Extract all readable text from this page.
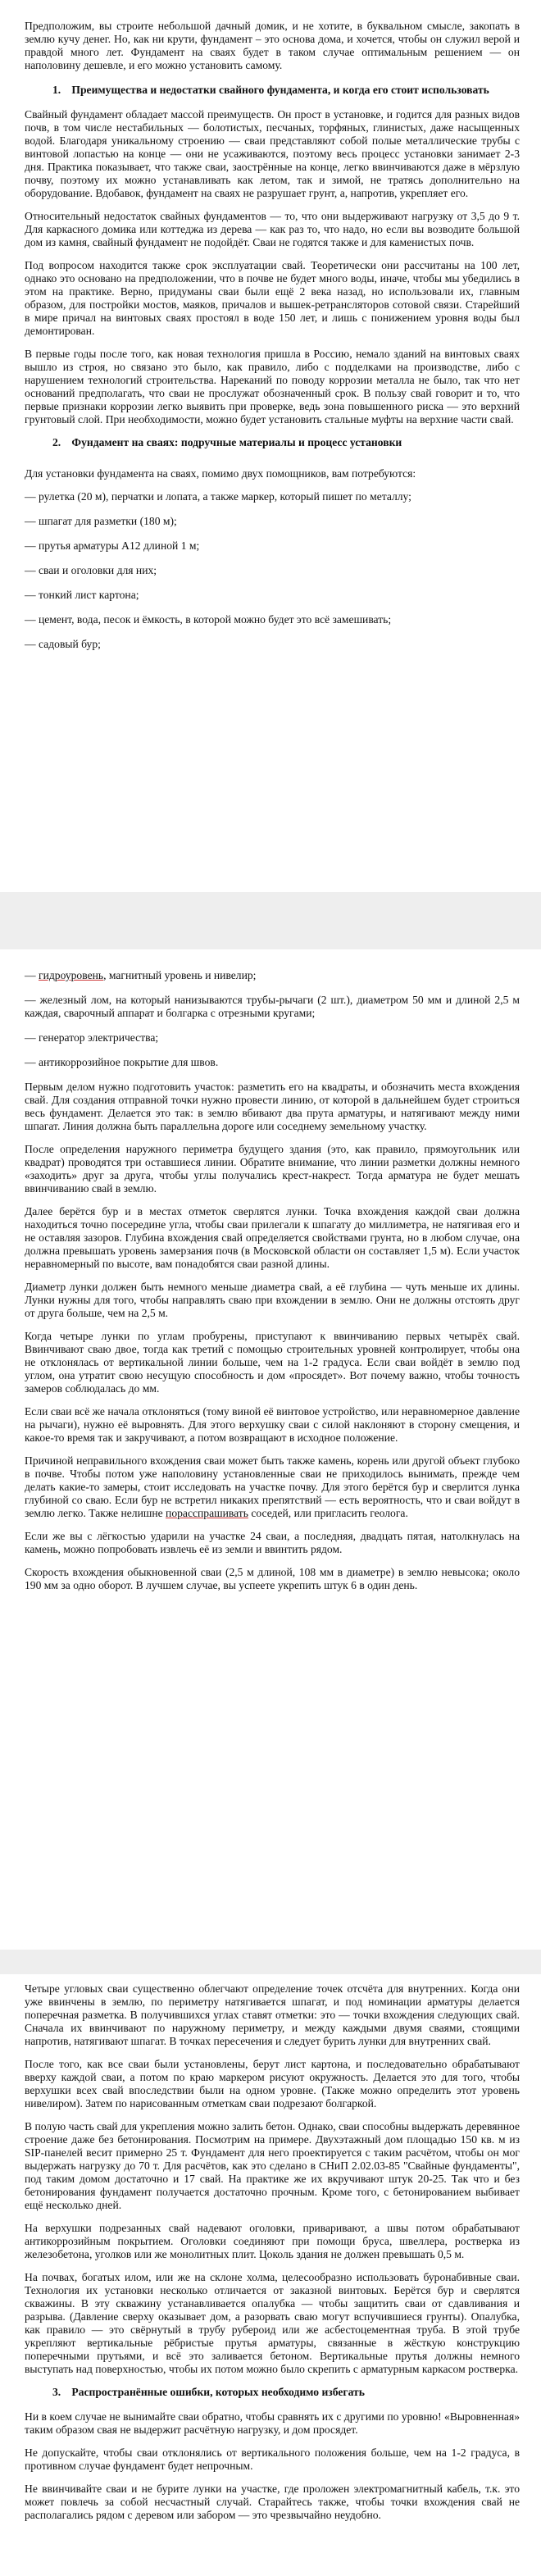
Предположим, вы строите небольшой дачный домик, и не хотите, в буквальном смысле, закопать в землю кучу денег. Но, как ни крути, фундамент – это основа дома, и хочется, чтобы он служил верой и правдой много лет. Фундамент на сваях будет в таком случае оптимальным решением — он наполовину дешевле, и его можно установить самому.

1. Преимущества и недостатки свайного фундамента, и когда его стоит использовать

Свайный фундамент обладает массой преимуществ. Он прост в установке, и годится для разных видов почв, в том числе нестабильных — болотистых, песчаных, торфяных, глинистых, даже насыщенных водой. Благодаря уникальному строению — сваи представляют собой полые металлические трубы с винтовой лопастью на конце — они не усаживаются, поэтому весь процесс установки занимает 2-3 дня. Практика показывает, что также сваи, заострённые на конце, легко ввинчиваются даже в мёрзлую почву, поэтому их можно устанавливать как летом, так и зимой, не тратясь дополнительно на оборудование. Вдобавок, фундамент на сваях не разрушает грунт, а, напротив, укрепляет его.

Относительный недостаток свайных фундаментов — то, что они выдерживают нагрузку от 3,5 до 9 т. Для каркасного домика или коттеджа из дерева — как раз то, что надо, но если вы возводите большой дом из камня, свайный фундамент не подойдёт. Сваи не годятся также и для каменистых почв.

Под вопросом находится также срок эксплуатации свай. Теоретически они рассчитаны на 100 лет, однако это основано на предположении, что в почве не будет много воды, иначе, чтобы мы убедились в этом на практике. Верно, придуманы сваи были ещё 2 века назад, но использовали их, главным образом, для постройки мостов, маяков, причалов и вышек-ретрансляторов сотовой связи. Старейший в мире причал на винтовых сваях простоял в воде 150 лет, и лишь с понижением уровня воды был демонтирован.

В первые годы после того, как новая технология пришла в Россию, немало зданий на винтовых сваях вышло из строя, но связано это было, как правило, либо с подделками на производстве, либо с нарушением технологий строительства. Нареканий по поводу коррозии металла не было, так что нет оснований предполагать, что сваи не прослужат обозначенный срок. В пользу свай говорит и то, что первые признаки коррозии легко выявить при проверке, ведь зона повышенного риска — это верхний грунтовый слой. При необходимости, можно будет установить стальные муфты на верхние части свай.

2. Фундамент на сваях: подручные материалы и процесс установки

Для установки фундамента на сваях, помимо двух помощников, вам потребуются:

— рулетка (20 м), перчатки и лопата, а также маркер, который пишет по металлу;
— шпагат для разметки (180 м);
— прутья арматуры А12 длиной 1 м;
— сваи и оголовки для них;
— тонкий лист картона;
— цемент, вода, песок и ёмкость, в которой можно будет это всё замешивать;
— садовый бур;
— гидроуровень, магнитный уровень и нивелир;
— железный лом, на который нанизываются трубы-рычаги (2 шт.), диаметром 50 мм и длиной 2,5 м каждая, сварочный аппарат и болгарка с отрезными кругами;
— генератор электричества;
— антикоррозийное покрытие для швов.

Первым делом нужно подготовить участок: разметить его на квадраты, и обозначить места вхождения свай. Для создания отправной точки нужно провести линию, от которой в дальнейшем будет строиться весь фундамент. Делается это так: в землю вбивают два прута арматуры, и натягивают между ними шпагат. Линия должна быть параллельна дороге или соседнему земельному участку.

После определения наружного периметра будущего здания (это, как правило, прямоугольник или квадрат) проводятся три оставшиеся линии. Обратите внимание, что линии разметки должны немного «заходить» друг за друга, чтобы углы получались крест-накрест. Тогда арматура не будет мешать ввинчиванию свай в землю.

Далее берётся бур и в местах отметок сверлятся лунки. Точка вхождения каждой сваи должна находиться точно посередине угла, чтобы сваи прилегали к шпагату до миллиметра, не натягивая его и не оставляя зазоров. Глубина вхождения свай определяется свойствами грунта, но в любом случае, она должна превышать уровень замерзания почв (в Московской области он составляет 1,5 м). Если участок неравномерный по высоте, вам понадобятся сваи разной длины.

Диаметр лунки должен быть немного меньше диаметра свай, а её глубина — чуть меньше их длины. Лунки нужны для того, чтобы направлять сваю при вхождении в землю. Они не должны отстоять друг от друга больше, чем на 2,5 м.

Когда четыре лунки по углам пробурены, приступают к ввинчиванию первых четырёх свай. Ввинчивают сваю двое, тогда как третий с помощью строительных уровней контролирует, чтобы она не отклонялась от вертикальной линии больше, чем на 1-2 градуса. Если сваи войдёт в землю под углом, она утратит свою несущую способность и дом «просядет». Вот почему важно, чтобы точность замеров соблюдалась до мм.

Если сваи всё же начала отклоняться (тому виной её винтовое устройство, или неравномерное давление на рычаги), нужно её выровнять. Для этого верхушку сваи с силой наклоняют в сторону смещения, и какое-то время так и закручивают, а потом возвращают в исходное положение.

Причиной неправильного вхождения сваи может быть также камень, корень или другой объект глубоко в почве. Чтобы потом уже наполовину установленные сваи не приходилось вынимать, прежде чем делать какие-то замеры, стоит исследовать на участке почву. Для этого берётся бур и сверлится лунка глубиной со сваю. Если бур не встретил никаких препятствий — есть вероятность, что и сваи войдут в землю легко. Также нелишне порасспрашивать соседей, или пригласить геолога.

Если же вы с лёгкостью ударили на участке 24 сваи, а последняя, двадцать пятая, натолкнулась на камень, можно попробовать извлечь её из земли и ввинтить рядом.

Скорость вхождения обыкновенной сваи (2,5 м длиной, 108 мм в диаметре) в землю невысока; около 190 мм за одно оборот. В лучшем случае, вы успеете укрепить штук 6 в один день.

Четыре угловых сваи существенно облегчают определение точек отсчёта для внутренних. Когда они уже ввинчены в землю, по периметру натягивается шпагат, и под номинации арматуры делается поперечная разметка. В получившихся углах ставят отметки: это — точки вхождения следующих свай. Сначала их ввинчивают по наружному периметру, и между каждыми двумя сваями, стоящими напротив, натягивают шпагат. В точках пересечения и следует бурить лунки для внутренних свай.

После того, как все сваи были установлены, берут лист картона, и последовательно обрабатывают вверху каждой сваи, а потом по краю маркером рисуют окружность. Делается это для того, чтобы верхушки всех свай впоследствии были на одном уровне. (Также можно определить этот уровень нивелиром). Затем по нарисованным отметкам сваи подрезают болгаркой.

В полую часть свай для укрепления можно залить бетон. Однако, сваи способны выдержать деревянное строение даже без бетонирования. Посмотрим на примере. Двухэтажный дом площадью 150 кв. м из SIP-панелей весит примерно 25 т. Фундамент для него проектируется с таким расчётом, чтобы он мог выдержать нагрузку до 70 т. Для расчётов, как это сделано в СНиП 2.02.03-85 "Свайные фундаменты", под таким домом достаточно и 17 свай. На практике же их вкручивают штук 20-25. Так что и без бетонирования фундамент получается достаточно прочным. Кроме того, с бетонированием выбивает ещё несколько дней.

На верхушки подрезанных свай надевают оголовки, приваривают, а швы потом обрабатывают антикоррозийным покрытием. Оголовки соединяют при помощи бруса, швеллера, ростверка из железобетона, уголков или же монолитных плит. Цоколь здания не должен превышать 0,5 м.

На почвах, богатых илом, или же на склоне холма, целесообразно использовать буронабивные сваи. Технология их установки несколько отличается от заказной винтовых. Берётся бур и сверлятся скважины. В эту скважину устанавливается опалубка — чтобы защитить сваи от сдавливания и разрыва. (Давление сверху оказывает дом, а разорвать сваю могут вспучившиеся грунты). Опалубка, как правило — это свёрнутый в трубу рубероид или же асбестоцементная труба. В этой трубе укрепляют вертикальные рёбристые прутья арматуры, связанные в жёсткую конструкцию поперечными прутьями, и всё это заливается бетоном. Вертикальные прутья должны немного выступать над поверхностью, чтобы их потом можно было скрепить с арматурным каркасом ростверка.

3. Распространённые ошибки, которых необходимо избегать

Ни в коем случае не вынимайте сваи обратно, чтобы сравнять их с другими по уровню! «Выровненная» таким образом свая не выдержит расчётную нагрузку, и дом просядет.

Не допускайте, чтобы сваи отклонялись от вертикального положения больше, чем на 1-2 градуса, в противном случае фундамент будет непрочным.

Не ввинчивайте сваи и не бурите лунки на участке, где проложен электромагнитный кабель, т.к. это может повлечь за собой несчастный случай. Старайтесь также, чтобы точки вхождения свай не располагались рядом с деревом или забором — это чрезвычайно неудобно.
